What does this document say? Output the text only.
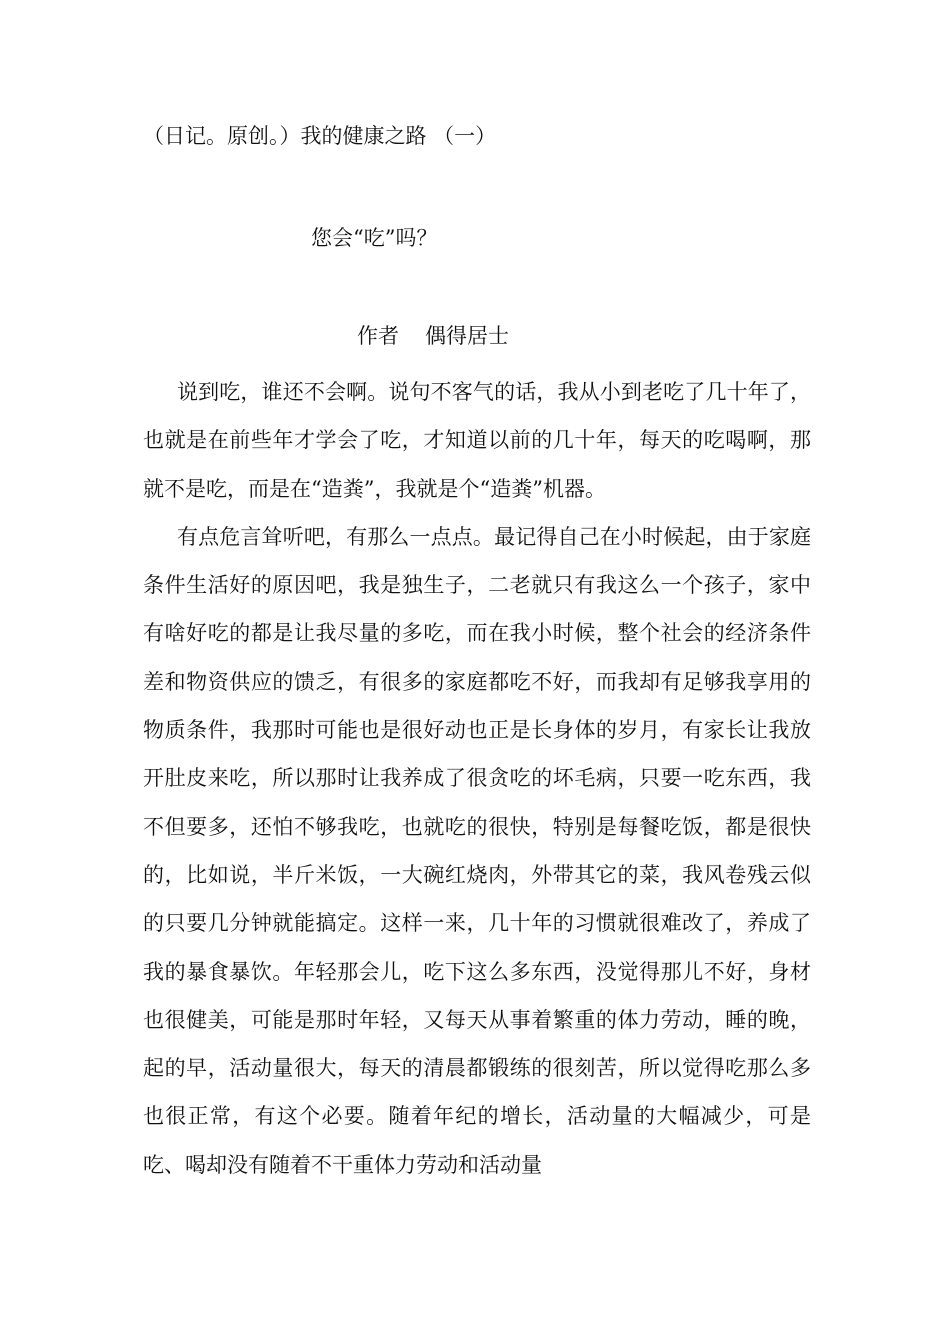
（日记。原创。）我的健康之路 （一）
您会“吃”吗？
作者 偶得居士

说到吃，谁还不会啊。说句不客气的话，我从小到老吃了几十年了，也就是在前些年才学会了吃，才知道以前的几十年，每天的吃喝啊，那就不是吃，而是在“造粪”，我就是个“造粪”机器。

有点危言耸听吧，有那么一点点。最记得自己在小时候起，由于家庭条件生活好的原因吧，我是独生子，二老就只有我这么一个孩子，家中有啥好吃的都是让我尽量的多吃，而在我小时候，整个社会的经济条件差和物资供应的馈乏，有很多的家庭都吃不好，而我却有足够我享用的物质条件，我那时可能也是很好动也正是长身体的岁月，有家长让我放开肚皮来吃，所以那时让我养成了很贪吃的坏毛病，只要一吃东西，我不但要多，还怕不够我吃，也就吃的很快，特别是每餐吃饭，都是很快的，比如说，半斤米饭，一大碗红烧肉，外带其它的菜，我风卷残云似的只要几分钟就能搞定。这样一来，几十年的习惯就很难改了，养成了我的暴食暴饮。年轻那会儿，吃下这么多东西，没觉得那儿不好，身材也很健美，可能是那时年轻，又每天从事着繁重的体力劳动，睡的晚，起的早，活动量很大，每天的清晨都锻练的很刻苦，所以觉得吃那么多也很正常，有这个必要。随着年纪的增长，活动量的大幅减少，可是吃、喝却没有随着不干重体力劳动和活动量
